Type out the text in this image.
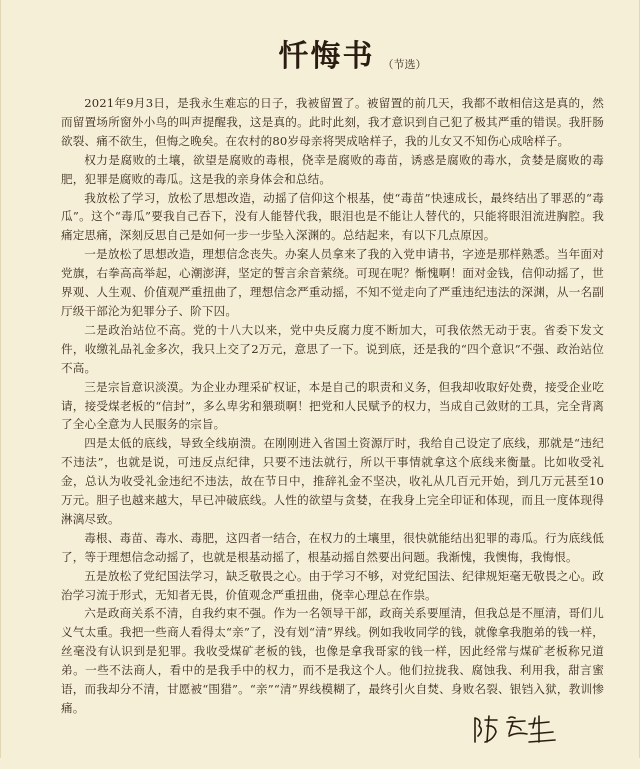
忏悔书 （节选）

2021年9月3日，是我永生难忘的日子，我被留置了。被留置的前几天，我都不敢相信这是真的，然而留置场所窗外小鸟的叫声提醒我，这是真的。此时此刻，我才意识到自己犯了极其严重的错误。我肝肠欲裂、痛不欲生，但悔之晚矣。在农村的80岁母亲将哭成啥样子，我的儿女又不知伤心成啥样子。

权力是腐败的土壤，欲望是腐败的毒根，侥幸是腐败的毒苗，诱惑是腐败的毒水，贪婪是腐败的毒肥，犯罪是腐败的毒瓜。这是我的亲身体会和总结。

我放松了学习，放松了思想改造，动摇了信仰这个根基，使“毒苗”快速成长，最终结出了罪恶的“毒瓜”。这个“毒瓜”要我自己吞下，没有人能替代我，眼泪也是不能让人替代的，只能将眼泪流进胸腔。我痛定思痛，深刻反思自己是如何一步一步坠入深渊的。总结起来，有以下几点原因。

一是放松了思想改造，理想信念丧失。办案人员拿来了我的入党申请书，字迹是那样熟悉。当年面对党旗，右拳高高举起，心潮澎湃，坚定的誓言余音萦绕。可现在呢？惭愧啊！面对金钱，信仰动摇了，世界观、人生观、价值观严重扭曲了，理想信念严重动摇，不知不觉走向了严重违纪违法的深渊，从一名副厅级干部沦为犯罪分子、阶下囚。

二是政治站位不高。党的十八大以来，党中央反腐力度不断加大，可我依然无动于衷。省委下发文件，收缴礼品礼金多次，我只上交了2万元，意思了一下。说到底，还是我的“四个意识”不强、政治站位不高。

三是宗旨意识淡漠。为企业办理采矿权证，本是自己的职责和义务，但我却收取好处费，接受企业吃请，接受煤老板的“信封”，多么卑劣和猥琐啊！把党和人民赋予的权力，当成自己敛财的工具，完全背离了全心全意为人民服务的宗旨。

四是太低的底线，导致全线崩溃。在刚刚进入省国土资源厅时，我给自己设定了底线，那就是“违纪不违法”，也就是说，可违反点纪律，只要不违法就行，所以干事情就拿这个底线来衡量。比如收受礼金，总认为收受礼金违纪不违法，故在节日中，推辞礼金不坚决，收礼从几百元开始，到几万元甚至10万元。胆子也越来越大，早已冲破底线。人性的欲望与贪婪，在我身上完全印证和体现，而且一度体现得淋漓尽致。

毒根、毒苗、毒水、毒肥，这四者一结合，在权力的土壤里，很快就能结出犯罪的毒瓜。行为底线低了，等于理想信念动摇了，也就是根基动摇了，根基动摇自然要出问题。我渐愧，我懊悔，我悔恨。

五是放松了党纪国法学习，缺乏敬畏之心。由于学习不够，对党纪国法、纪律规矩毫无敬畏之心。政治学习流于形式，无知者无畏，价值观念严重扭曲，侥幸心理总在作祟。

六是政商关系不清，自我约束不强。作为一名领导干部，政商关系要厘清，但我总是不厘清，哥们儿义气太重。我把一些商人看得太“亲”了，没有划“清”界线。例如我收同学的钱，就像拿我胞弟的钱一样，丝毫没有认识到是犯罪。我收受煤矿老板的钱，也像是拿我哥家的钱一样，因此经常与煤矿老板称兄道弟。一些不法商人，看中的是我手中的权力，而不是我这个人。他们拉拢我、腐蚀我、利用我，甜言蜜语，而我却分不清，甘愿被“围猎”。“亲”“清”界线模糊了，最终引火自焚、身败名裂、银铛入狱，教训惨痛。
